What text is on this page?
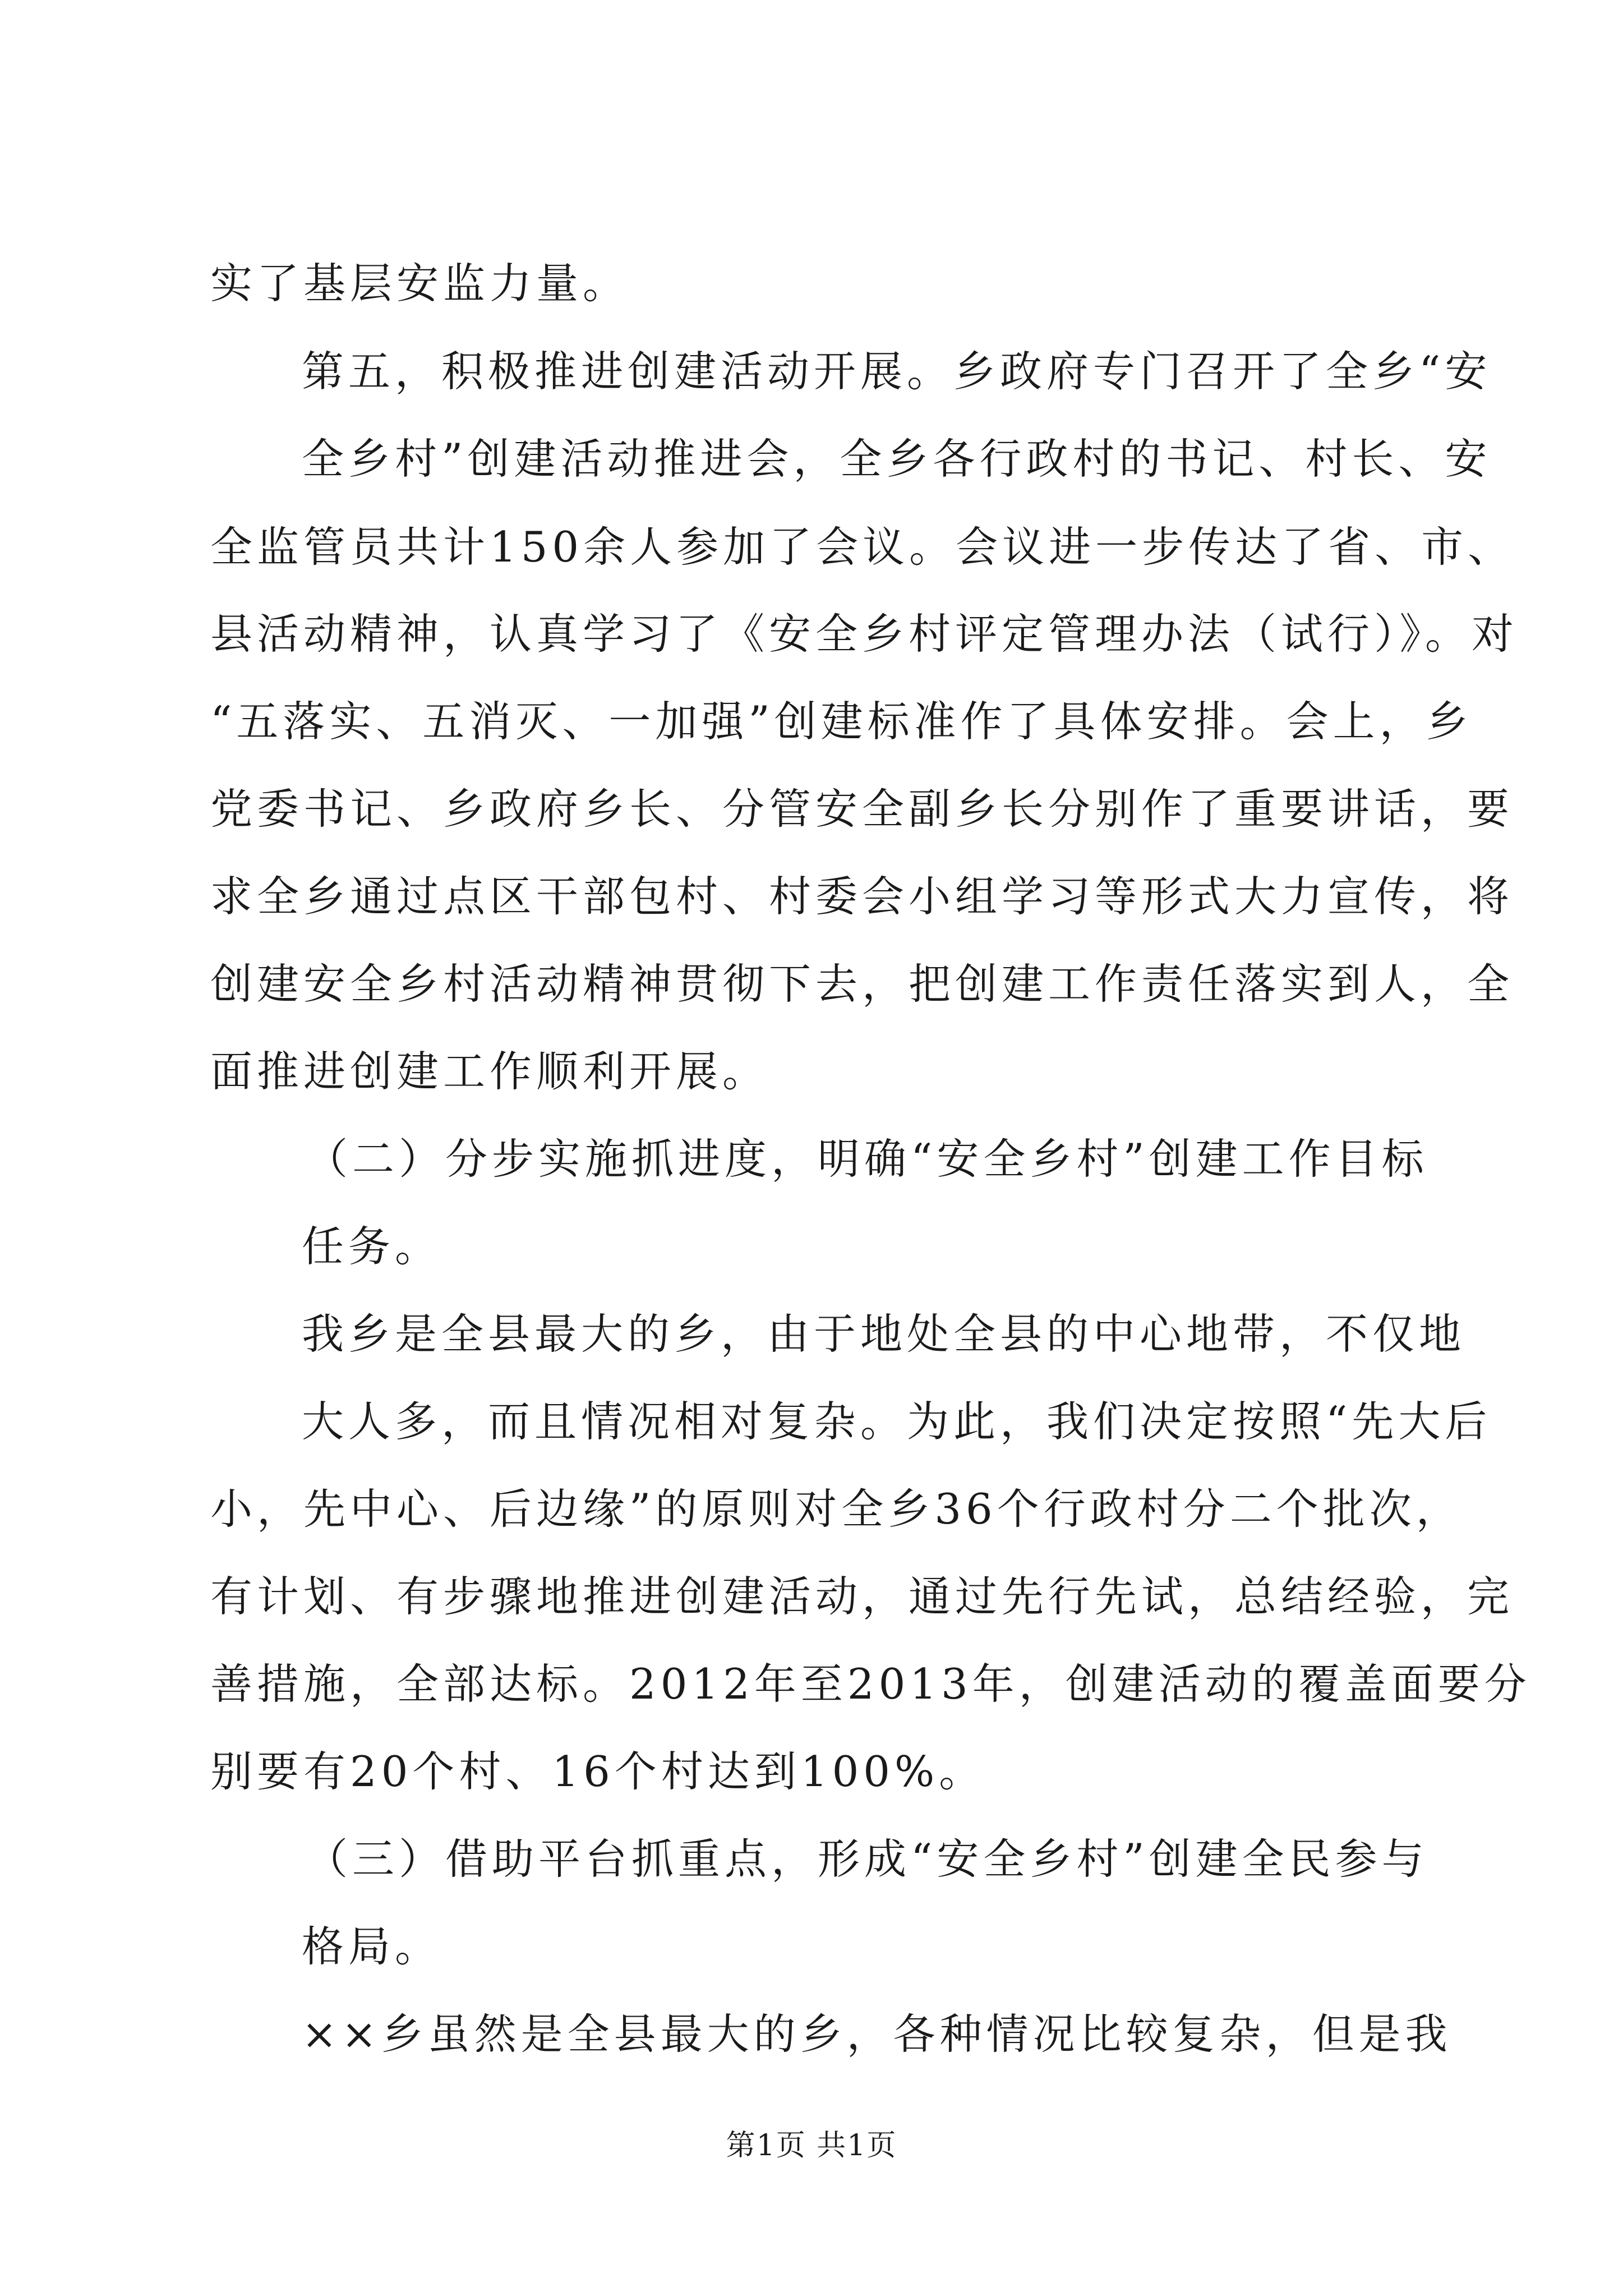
实了基层安监力量。
第五，积极推进创建活动开展。乡政府专门召开了全乡“安
全乡村”创建活动推进会，全乡各行政村的书记、村长、安
全监管员共计150余人参加了会议。会议进一步传达了省、市、
县活动精神，认真学习了《安全乡村评定管理办法（试行）》。对
“五落实、五消灭、一加强”创建标准作了具体安排。会上，乡
党委书记、乡政府乡长、分管安全副乡长分别作了重要讲话，要
求全乡通过点区干部包村、村委会小组学习等形式大力宣传，将
创建安全乡村活动精神贯彻下去，把创建工作责任落实到人，全
面推进创建工作顺利开展。
（二）分步实施抓进度，明确“安全乡村”创建工作目标
任务。
我乡是全县最大的乡，由于地处全县的中心地带，不仅地
大人多，而且情况相对复杂。为此，我们决定按照“先大后
小，先中心、后边缘”的原则对全乡36个行政村分二个批次，
有计划、有步骤地推进创建活动，通过先行先试，总结经验，完
善措施，全部达标。2012年至2013年，创建活动的覆盖面要分
别要有20个村、16个村达到100%。
（三）借助平台抓重点，形成“安全乡村”创建全民参与
格局。
第1页 共1页
××乡虽然是全县最大的乡，各种情况比较复杂，但是我
